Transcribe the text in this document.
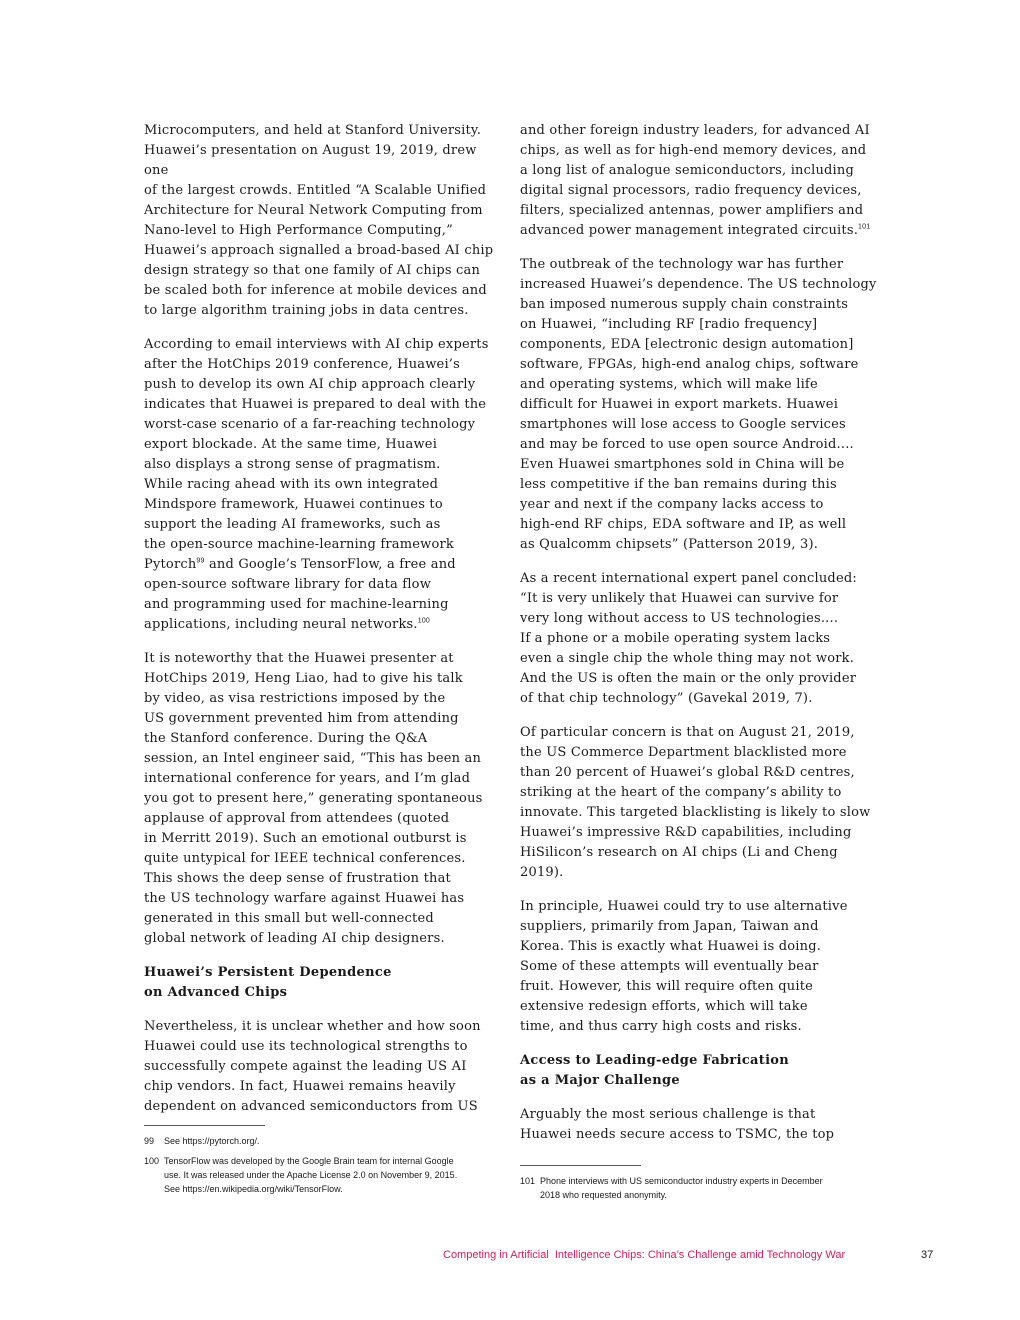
Microcomputers, and held at Stanford University.
Huawei’s presentation on August 19, 2019, drew one
of the largest crowds. Entitled “A Scalable Unified
Architecture for Neural Network Computing from
Nano-level to High Performance Computing,”
Huawei’s approach signalled a broad-based AI chip
design strategy so that one family of AI chips can
be scaled both for inference at mobile devices and
to large algorithm training jobs in data centres.

According to email interviews with AI chip experts
after the HotChips 2019 conference, Huawei’s
push to develop its own AI chip approach clearly
indicates that Huawei is prepared to deal with the
worst-case scenario of a far-reaching technology
export blockade. At the same time, Huawei
also displays a strong sense of pragmatism.
While racing ahead with its own integrated
Mindspore framework, Huawei continues to
support the leading AI frameworks, such as
the open-source machine-learning framework
Pytorch$^{99}$ and Google’s TensorFlow, a free and
open-source software library for data flow
and programming used for machine-learning
applications, including neural networks.$^{100}$

It is noteworthy that the Huawei presenter at
HotChips 2019, Heng Liao, had to give his talk
by video, as visa restrictions imposed by the
US government prevented him from attending
the Stanford conference. During the Q&A
session, an Intel engineer said, “This has been an
international conference for years, and I’m glad
you got to present here,” generating spontaneous
applause of approval from attendees (quoted
in Merritt 2019). Such an emotional outburst is
quite untypical for IEEE technical conferences.
This shows the deep sense of frustration that
the US technology warfare against Huawei has
generated in this small but well-connected
global network of leading AI chip designers.

Huawei’s Persistent Dependence
on Advanced Chips

Nevertheless, it is unclear whether and how soon
Huawei could use its technological strengths to
successfully compete against the leading US AI
chip vendors. In fact, Huawei remains heavily
dependent on advanced semiconductors from US

and other foreign industry leaders, for advanced AI
chips, as well as for high-end memory devices, and
a long list of analogue semiconductors, including
digital signal processors, radio frequency devices,
filters, specialized antennas, power amplifiers and
advanced power management integrated circuits.$^{101}$

The outbreak of the technology war has further
increased Huawei’s dependence. The US technology
ban imposed numerous supply chain constraints
on Huawei, “including RF [radio frequency]
components, EDA [electronic design automation]
software, FPGAs, high-end analog chips, software
and operating systems, which will make life
difficult for Huawei in export markets. Huawei
smartphones will lose access to Google services
and may be forced to use open source Android....
Even Huawei smartphones sold in China will be
less competitive if the ban remains during this
year and next if the company lacks access to
high-end RF chips, EDA software and IP, as well
as Qualcomm chipsets” (Patterson 2019, 3).

As a recent international expert panel concluded:
“It is very unlikely that Huawei can survive for
very long without access to US technologies....
If a phone or a mobile operating system lacks
even a single chip the whole thing may not work.
And the US is often the main or the only provider
of that chip technology” (Gavekal 2019, 7).

Of particular concern is that on August 21, 2019,
the US Commerce Department blacklisted more
than 20 percent of Huawei’s global R&D centres,
striking at the heart of the company’s ability to
innovate. This targeted blacklisting is likely to slow
Huawei’s impressive R&D capabilities, including
HiSilicon’s research on AI chips (Li and Cheng 2019).

In principle, Huawei could try to use alternative
suppliers, primarily from Japan, Taiwan and
Korea. This is exactly what Huawei is doing.
Some of these attempts will eventually bear
fruit. However, this will require often quite
extensive redesign efforts, which will take
time, and thus carry high costs and risks.

Access to Leading-edge Fabrication
as a Major Challenge

Arguably the most serious challenge is that
Huawei needs secure access to TSMC, the top

99 See https://pytorch.org/.
100 TensorFlow was developed by the Google Brain team for internal Google
use. It was released under the Apache License 2.0 on November 9, 2015.
See https://en.wikipedia.org/wiki/TensorFlow.
101 Phone interviews with US semiconductor industry experts in December
2018 who requested anonymity.
Competing in Artificial  Intelligence Chips: China’s Challenge amid Technology War	37
